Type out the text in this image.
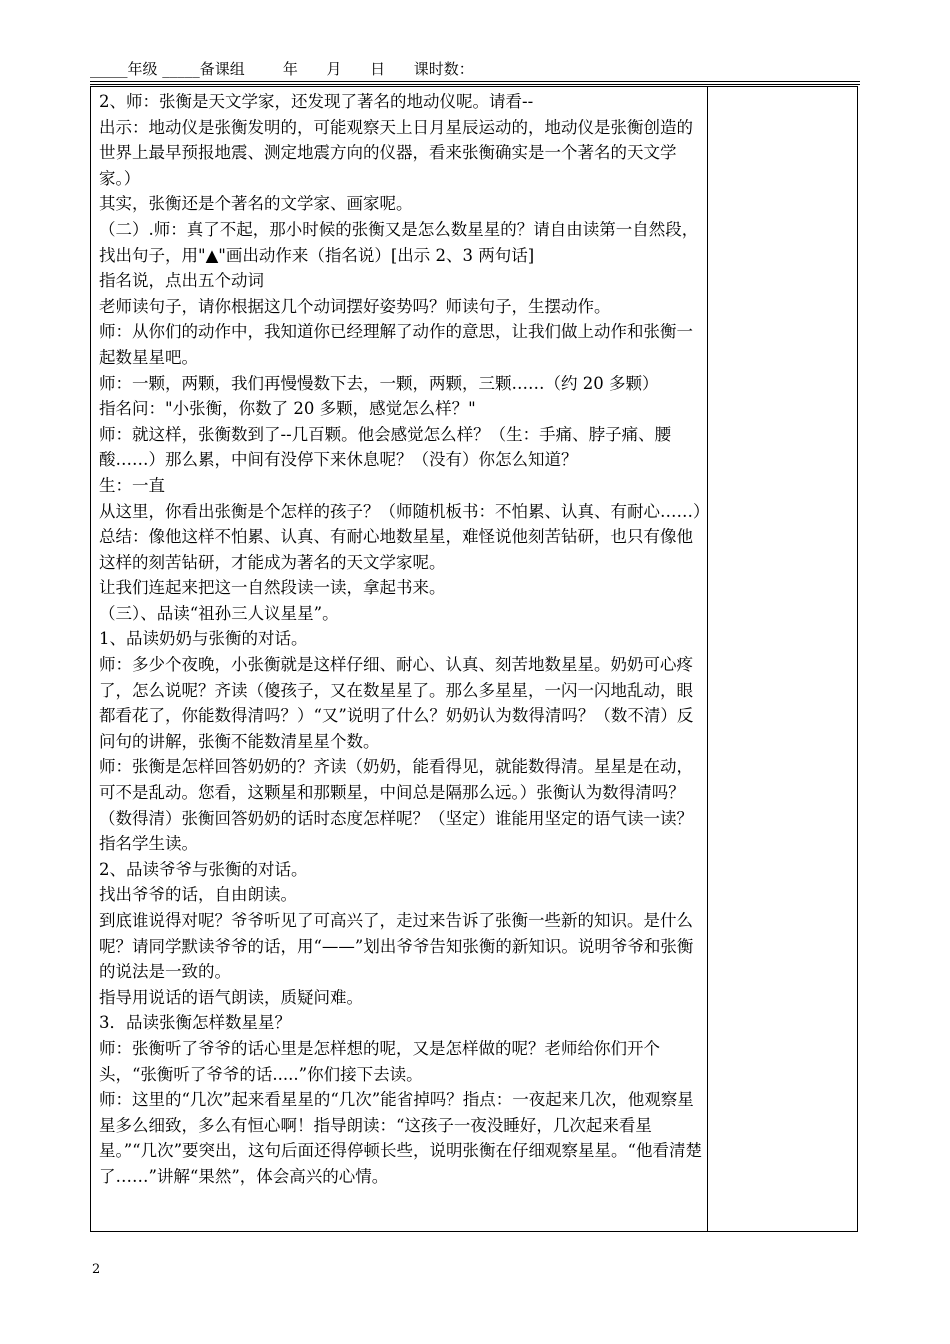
_____年级 _____备课组        年      月      日      课时数：

2、师：张衡是天文学家，还发现了著名的地动仪呢。请看--

出示：地动仪是张衡发明的，可能观察天上日月星辰运动的，地动仪是张衡创造的世界上最早预报地震、测定地震方向的仪器，看来张衡确实是一个著名的天文学家。）

其实，张衡还是个著名的文学家、画家呢。

（二）.师：真了不起，那小时候的张衡又是怎么数星星的？请自由读第一自然段，找出句子，用"▲"画出动作来（指名说）[出示 2、3 两句话]

指名说，点出五个动词

老师读句子，请你根据这几个动词摆好姿势吗？师读句子，生摆动作。

师：从你们的动作中，我知道你已经理解了动作的意思，让我们做上动作和张衡一起数星星吧。

师：一颗，两颗，我们再慢慢数下去，一颗，两颗，三颗……（约 20 多颗）

指名问："小张衡，你数了 20 多颗，感觉怎么样？"

师：就这样，张衡数到了--几百颗。他会感觉怎么样？（生：手痛、脖子痛、腰酸……）那么累，中间有没停下来休息呢？（没有）你怎么知道？

生：一直

从这里，你看出张衡是个怎样的孩子？（师随机板书：不怕累、认真、有耐心……）

总结：像他这样不怕累、认真、有耐心地数星星，难怪说他刻苦钻研，也只有像他这样的刻苦钻研，才能成为著名的天文学家呢。

让我们连起来把这一自然段读一读，拿起书来。

（三）、品读“祖孙三人议星星”。

1、品读奶奶与张衡的对话。

师：多少个夜晚，小张衡就是这样仔细、耐心、认真、刻苦地数星星。奶奶可心疼了，怎么说呢？齐读（傻孩子，又在数星星了。那么多星星，一闪一闪地乱动，眼都看花了，你能数得清吗？）“又”说明了什么？奶奶认为数得清吗？（数不清）反问句的讲解，张衡不能数清星星个数。

师：张衡是怎样回答奶奶的？齐读（奶奶，能看得见，就能数得清。星星是在动，可不是乱动。您看，这颗星和那颗星，中间总是隔那么远。）张衡认为数得清吗？（数得清）张衡回答奶奶的话时态度怎样呢？（坚定）谁能用坚定的语气读一读？指名学生读。

2、品读爷爷与张衡的对话。

找出爷爷的话，自由朗读。

到底谁说得对呢？爷爷听见了可高兴了，走过来告诉了张衡一些新的知识。是什么呢？请同学默读爷爷的话，用“——”划出爷爷告知张衡的新知识。说明爷爷和张衡的说法是一致的。

指导用说话的语气朗读，质疑问难。

3．品读张衡怎样数星星？

师：张衡听了爷爷的话心里是怎样想的呢，又是怎样做的呢？老师给你们开个头，“张衡听了爷爷的话.....”你们接下去读。

师：这里的“几次”起来看星星的“几次”能省掉吗？指点：一夜起来几次，他观察星星多么细致，多么有恒心啊！指导朗读：“这孩子一夜没睡好，几次起来看星星。”“几次”要突出，这句后面还得停顿长些，说明张衡在仔细观察星星。“他看清楚了……”讲解“果然”，体会高兴的心情。

2
